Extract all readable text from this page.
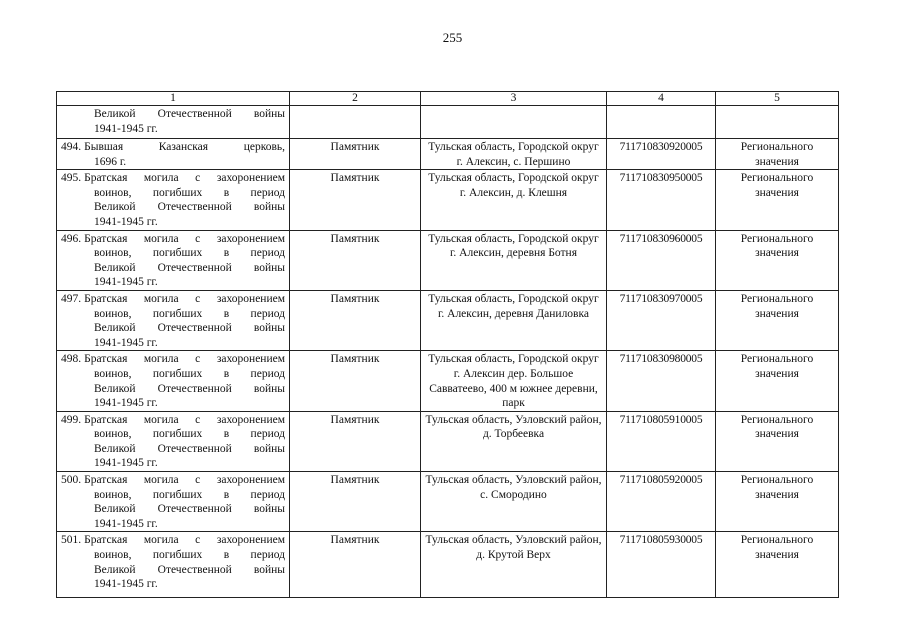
255
1	2	3	4	5

Великой Отечественной войны
1941-1945 гг.				

494. Бывшая Казанская церковь,
1696 г.	Памятник	Тульская область, Городской округ г. Алексин, с. Першино	711710830920005	Регионального значения

495. Братская могила с захоронением
воинов, погибших в период
Великой Отечественной войны
1941-1945 гг.	Памятник	Тульская область, Городской округ г. Алексин, д. Клешня	711710830950005	Регионального значения

496. Братская могила с захоронением
воинов, погибших в период
Великой Отечественной войны
1941-1945 гг.	Памятник	Тульская область, Городской округ г. Алексин, деревня Ботня	711710830960005	Регионального значения

497. Братская могила с захоронением
воинов, погибших в период
Великой Отечественной войны
1941-1945 гг.	Памятник	Тульская область, Городской округ г. Алексин, деревня Даниловка	711710830970005	Регионального значения

498. Братская могила с захоронением
воинов, погибших в период
Великой Отечественной войны
1941-1945 гг.	Памятник	Тульская область, Городской округ г. Алексин дер. Большое Савватеево, 400 м южнее деревни, парк	711710830980005	Регионального значения

499. Братская могила с захоронением
воинов, погибших в период
Великой Отечественной войны
1941-1945 гг.	Памятник	Тульская область, Узловский район, д. Торбеевка	711710805910005	Регионального значения

500. Братская могила с захоронением
воинов, погибших в период
Великой Отечественной войны
1941-1945 гг.	Памятник	Тульская область, Узловский район, с. Смородино	711710805920005	Регионального значения

501. Братская могила с захоронением
воинов, погибших в период
Великой Отечественной войны
1941-1945 гг.	Памятник	Тульская область, Узловский район, д. Крутой Верх	711710805930005	Регионального значения
